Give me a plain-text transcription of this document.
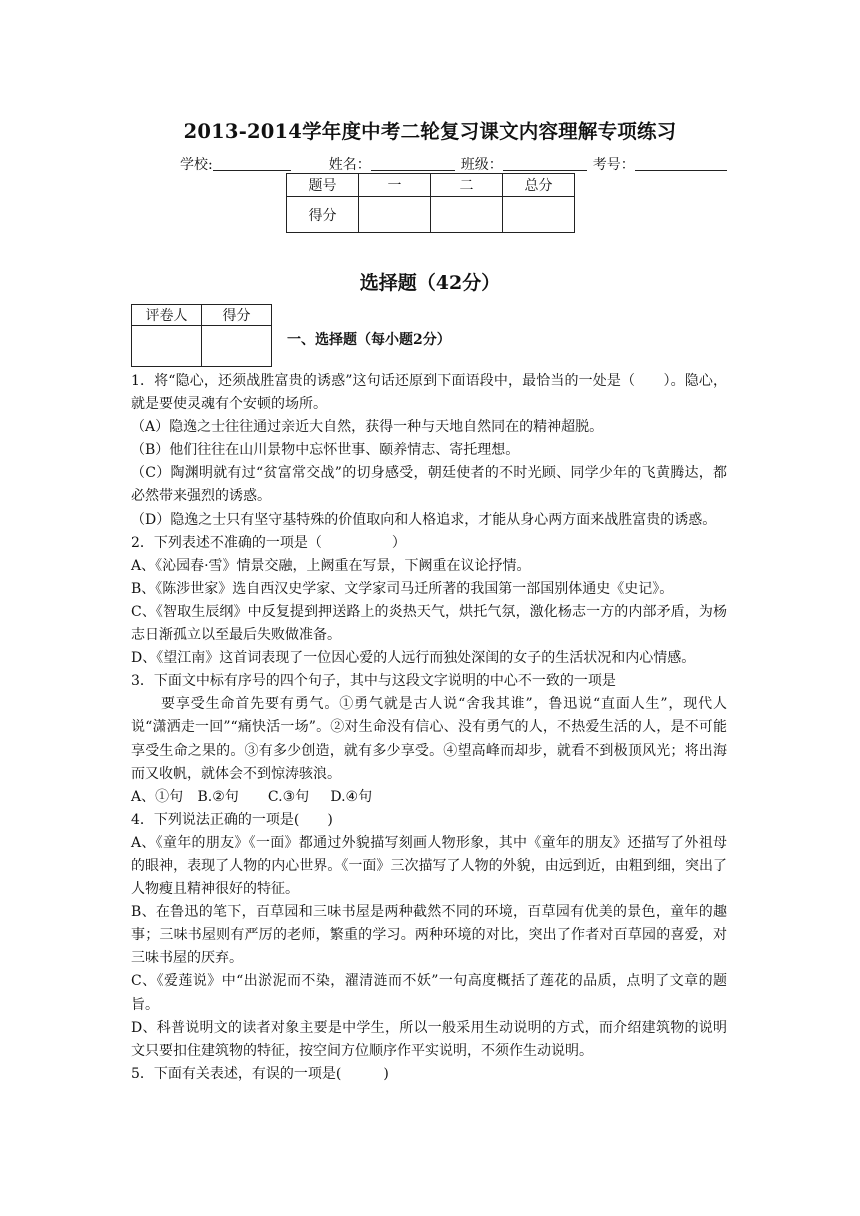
2013-2014学年度中考二轮复习课文内容理解专项练习
学校:	姓名：	班级：	考号：
题号	一	二	总分
得分			
选择题（42分）
评卷人	得分

一、选择题（每小题2分）

1．将“隐心，还须战胜富贵的诱惑”这句话还原到下面语段中，最恰当的一处是（　　）。隐心，就是要使灵魂有个安顿的场所。

（A）隐逸之士往往通过亲近大自然，获得一种与天地自然同在的精神超脱。

（B）他们往往在山川景物中忘怀世事、颐养情志、寄托理想。

（C）陶渊明就有过“贫富常交战”的切身感受，朝廷使者的不时光顾、同学少年的飞黄腾达，都必然带来强烈的诱惑。

（D）隐逸之士只有坚守基特殊的价值取向和人格追求，才能从身心两方面来战胜富贵的诱惑。

2．下列表述不准确的一项是（　　　　　）

A、《沁园春·雪》情景交融，上阙重在写景，下阙重在议论抒情。

B、《陈涉世家》选自西汉史学家、文学家司马迁所著的我国第一部国别体通史《史记》。

C、《智取生辰纲》中反复提到押送路上的炎热天气，烘托气氛，激化杨志一方的内部矛盾，为杨志日渐孤立以至最后失败做准备。

D、《望江南》这首词表现了一位因心爱的人远行而独处深闺的女子的生活状况和内心情感。

3．下面文中标有序号的四个句子，其中与这段文字说明的中心不一致的一项是

要享受生命首先要有勇气。①勇气就是古人说“舍我其谁”，鲁迅说“直面人生”，现代人说“潇洒走一回”“痛快活一场”。②对生命没有信心、没有勇气的人，不热爱生活的人，是不可能享受生命之果的。③有多少创造，就有多少享受。④望高峰而却步，就看不到极顶风光；将出海而又收帆，就体会不到惊涛骇浪。

A、①句 B.②句 C.③句 D.④句

4．下列说法正确的一项是(　　)

A、《童年的朋友》《一面》都通过外貌描写刻画人物形象，其中《童年的朋友》还描写了外祖母的眼神，表现了人物的内心世界。《一面》三次描写了人物的外貌，由远到近，由粗到细，突出了人物瘦且精神很好的特征。

B、在鲁迅的笔下，百草园和三味书屋是两种截然不同的环境，百草园有优美的景色，童年的趣事；三味书屋则有严厉的老师，繁重的学习。两种环境的对比，突出了作者对百草园的喜爱，对三味书屋的厌弃。

C、《爱莲说》中“出淤泥而不染，濯清涟而不妖”一句高度概括了莲花的品质，点明了文章的题旨。

D、科普说明文的读者对象主要是中学生，所以一般采用生动说明的方式，而介绍建筑物的说明文只要扣住建筑物的特征，按空间方位顺序作平实说明，不须作生动说明。

5．下面有关表述，有误的一项是(　　　)
